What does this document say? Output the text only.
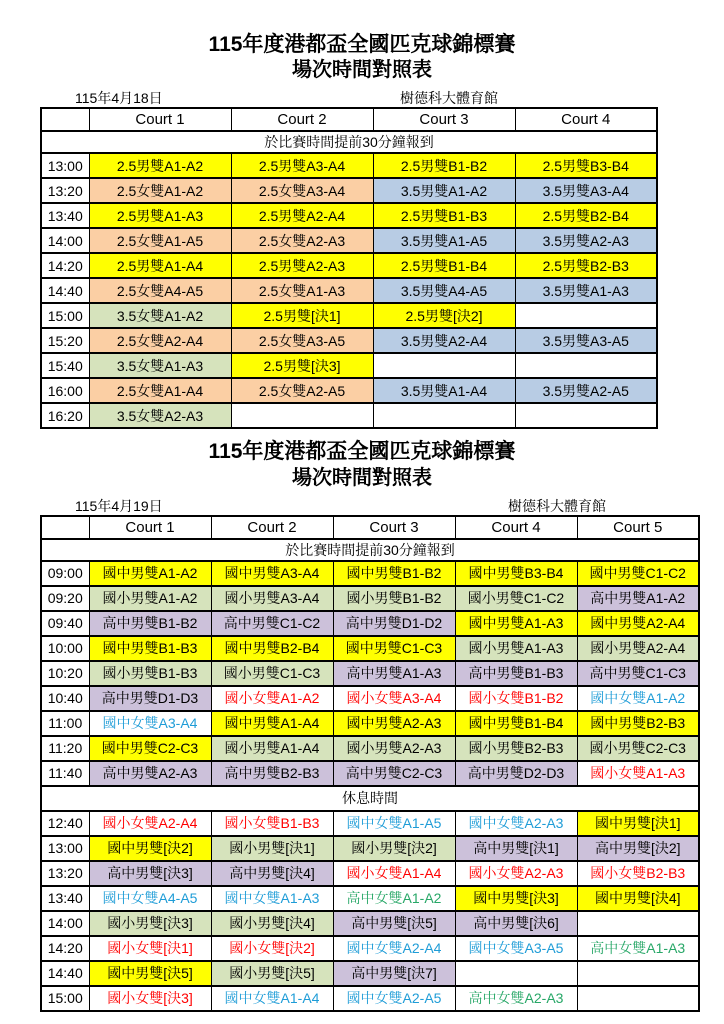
115年度港都盃全國匹克球錦標賽
場次時間對照表
115年4月18日	樹德科大體育館
	Court 1	Court 2	Court 3	Court 4
於比賽時間提前30分鐘報到				
13:00	2.5男雙A1-A2	2.5男雙A3-A4	2.5男雙B1-B2	2.5男雙B3-B4
13:20	2.5女雙A1-A2	2.5女雙A3-A4	3.5男雙A1-A2	3.5男雙A3-A4
13:40	2.5男雙A1-A3	2.5男雙A2-A4	2.5男雙B1-B3	2.5男雙B2-B4
14:00	2.5女雙A1-A5	2.5女雙A2-A3	3.5男雙A1-A5	3.5男雙A2-A3
14:20	2.5男雙A1-A4	2.5男雙A2-A3	2.5男雙B1-B4	2.5男雙B2-B3
14:40	2.5女雙A4-A5	2.5女雙A1-A3	3.5男雙A4-A5	3.5男雙A1-A3
15:00	3.5女雙A1-A2	2.5男雙[決1]	2.5男雙[決2]	
15:20	2.5女雙A2-A4	2.5女雙A3-A5	3.5男雙A2-A4	3.5男雙A3-A5
15:40	3.5女雙A1-A3	2.5男雙[決3]		
16:00	2.5女雙A1-A4	2.5女雙A2-A5	3.5男雙A1-A4	3.5男雙A2-A5
16:20	3.5女雙A2-A3			
115年度港都盃全國匹克球錦標賽
場次時間對照表
115年4月19日	樹德科大體育館
	Court 1	Court 2	Court 3	Court 4	Court 5
於比賽時間提前30分鐘報到					
09:00	國中男雙A1-A2	國中男雙A3-A4	國中男雙B1-B2	國中男雙B3-B4	國中男雙C1-C2
09:20	國小男雙A1-A2	國小男雙A3-A4	國小男雙B1-B2	國小男雙C1-C2	高中男雙A1-A2
09:40	高中男雙B1-B2	高中男雙C1-C2	高中男雙D1-D2	國中男雙A1-A3	國中男雙A2-A4
10:00	國中男雙B1-B3	國中男雙B2-B4	國中男雙C1-C3	國小男雙A1-A3	國小男雙A2-A4
10:20	國小男雙B1-B3	國小男雙C1-C3	高中男雙A1-A3	高中男雙B1-B3	高中男雙C1-C3
10:40	高中男雙D1-D3	國小女雙A1-A2	國小女雙A3-A4	國小女雙B1-B2	國中女雙A1-A2
11:00	國中女雙A3-A4	國中男雙A1-A4	國中男雙A2-A3	國中男雙B1-B4	國中男雙B2-B3
11:20	國中男雙C2-C3	國小男雙A1-A4	國小男雙A2-A3	國小男雙B2-B3	國小男雙C2-C3
11:40	高中男雙A2-A3	高中男雙B2-B3	高中男雙C2-C3	高中男雙D2-D3	國小女雙A1-A3
休息時間					
12:40	國小女雙A2-A4	國小女雙B1-B3	國中女雙A1-A5	國中女雙A2-A3	國中男雙[決1]
13:00	國中男雙[決2]	國小男雙[決1]	國小男雙[決2]	高中男雙[決1]	高中男雙[決2]
13:20	高中男雙[決3]	高中男雙[決4]	國小女雙A1-A4	國小女雙A2-A3	國小女雙B2-B3
13:40	國中女雙A4-A5	國中女雙A1-A3	高中女雙A1-A2	國中男雙[決3]	國中男雙[決4]
14:00	國小男雙[決3]	國小男雙[決4]	高中男雙[決5]	高中男雙[決6]	
14:20	國小女雙[決1]	國小女雙[決2]	國中女雙A2-A4	國中女雙A3-A5	高中女雙A1-A3
14:40	國中男雙[決5]	國小男雙[決5]	高中男雙[決7]		
15:00	國小女雙[決3]	國中女雙A1-A4	國中女雙A2-A5	高中女雙A2-A3	
